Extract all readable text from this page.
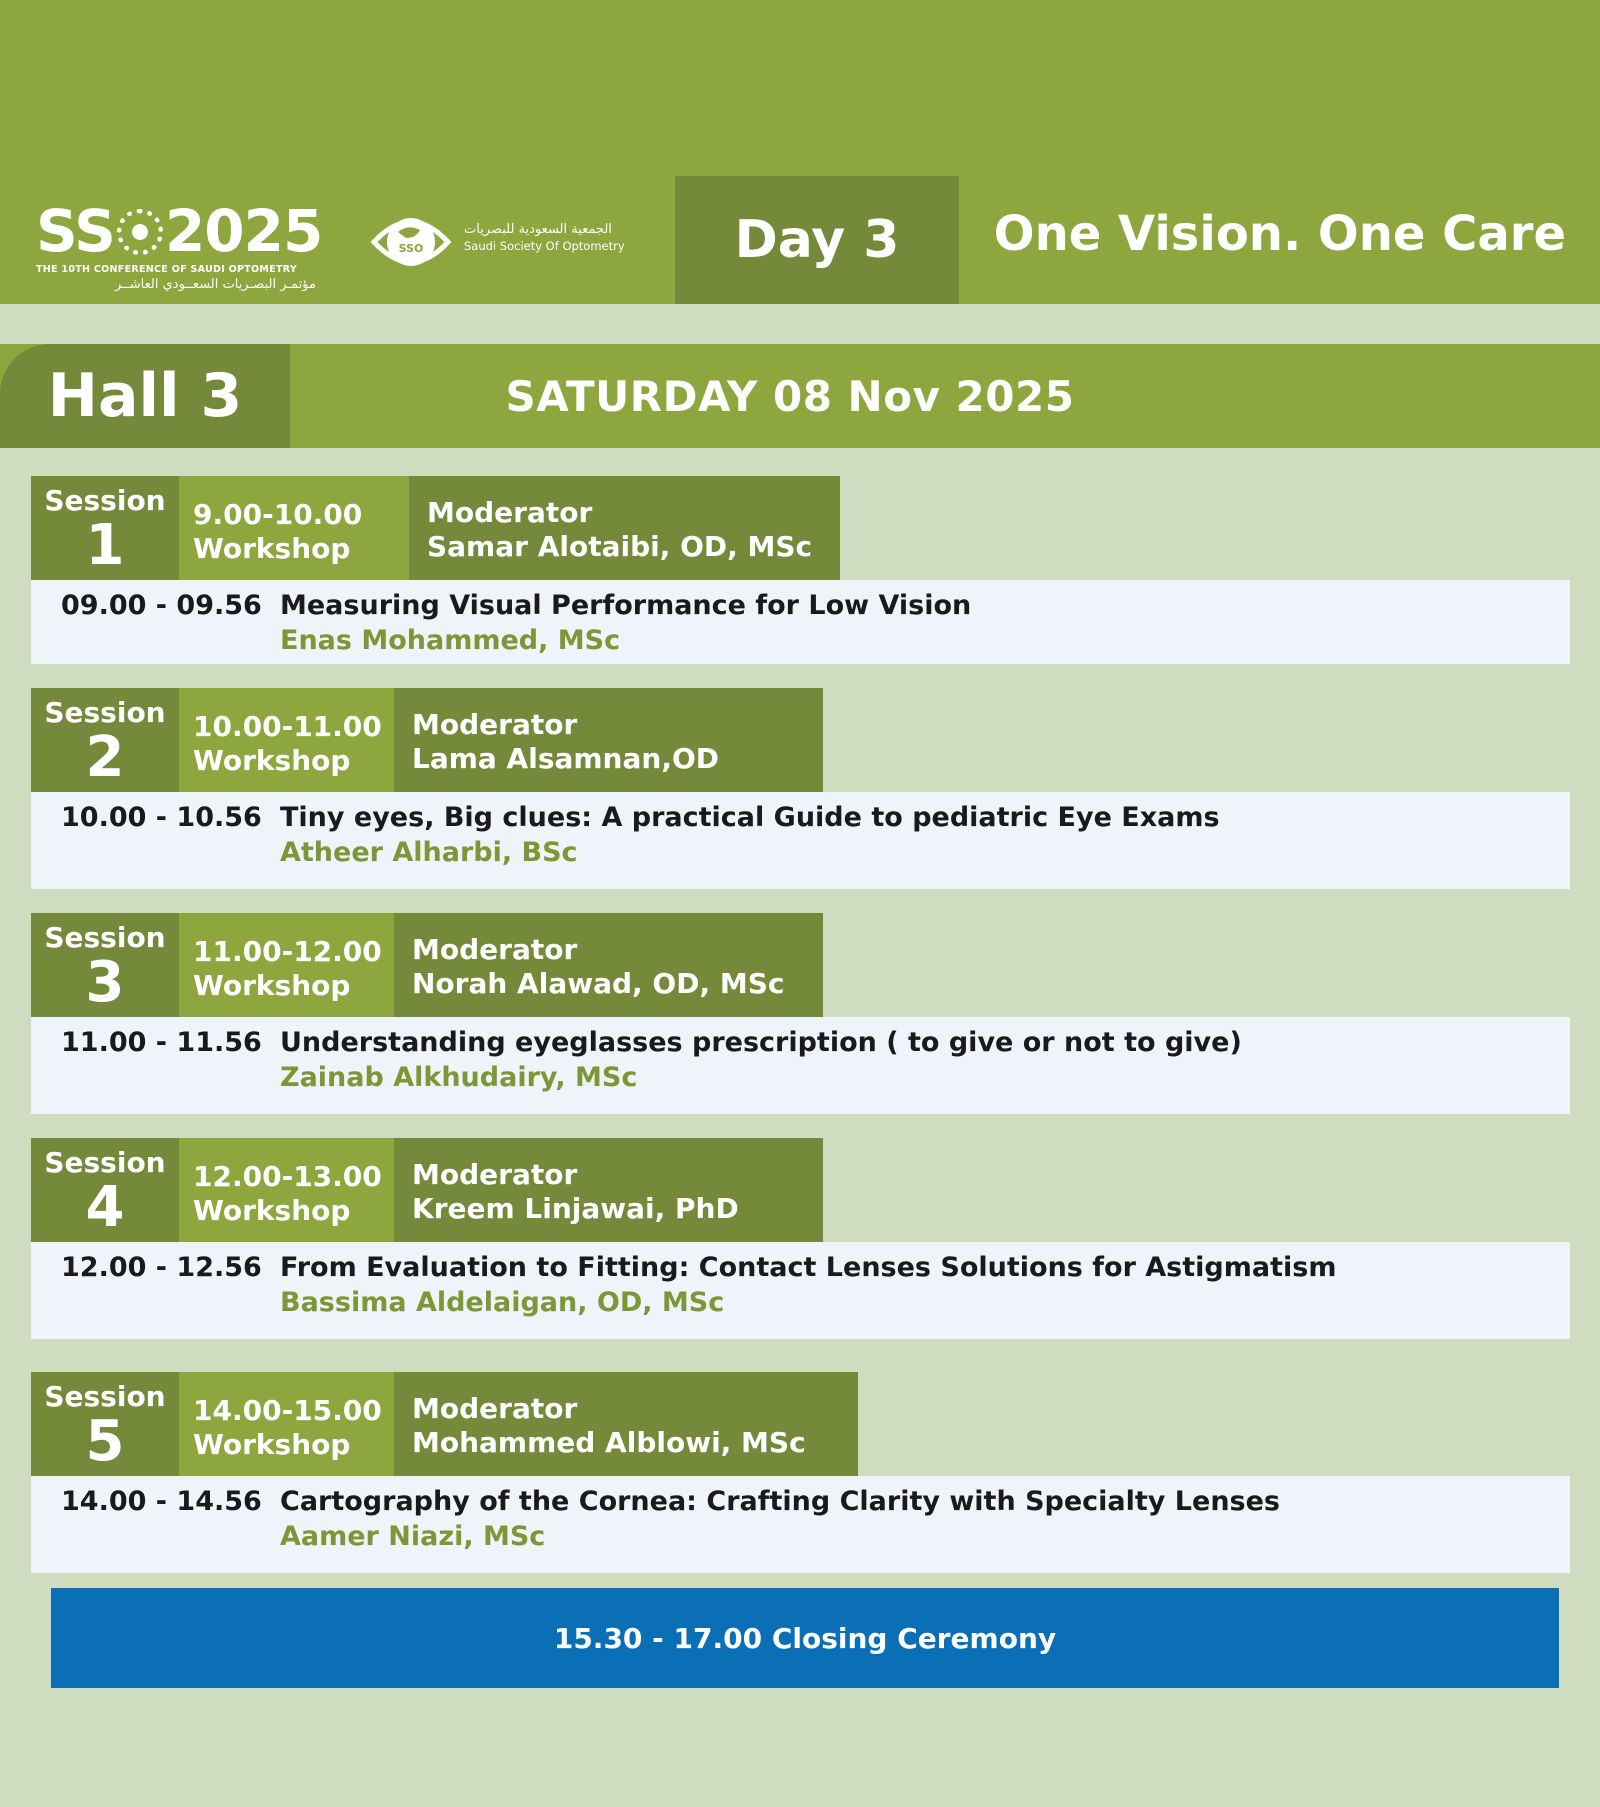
SS 2025
THE 10TH CONFERENCE OF SAUDI OPTOMETRY
مؤتمـر البصـريات السعــودي العاشــر
SSO
الجمعية السعودية للبصريات
Saudi Society Of Optometry	Day 3	One Vision. One Care
Hall 3	SATURDAY 08 Nov 2025
Session
1	9.00-10.00
Workshop
Moderator
Samar Alotaibi, OD, MSc
09.00 - 09.56 Measuring Visual Performance for Low Vision
Enas Mohammed, MSc
Session
2	10.00-11.00
Workshop
Moderator
Lama Alsamnan,OD
10.00 - 10.56 Tiny eyes, Big clues: A practical Guide to pediatric Eye Exams
Atheer Alharbi, BSc
Session
3	11.00-12.00
Workshop
Moderator
Norah Alawad, OD, MSc
11.00 - 11.56 Understanding eyeglasses prescription ( to give or not to give)
Zainab Alkhudairy, MSc
Session
4	12.00-13.00
Workshop
Moderator
Kreem Linjawai, PhD
12.00 - 12.56 From Evaluation to Fitting: Contact Lenses Solutions for Astigmatism
Bassima Aldelaigan, OD, MSc
Session
5	14.00-15.00
Workshop
Moderator
Mohammed Alblowi, MSc
14.00 - 14.56 Cartography of the Cornea: Crafting Clarity with Specialty Lenses
Aamer Niazi, MSc
15.30 - 17.00 Closing Ceremony
